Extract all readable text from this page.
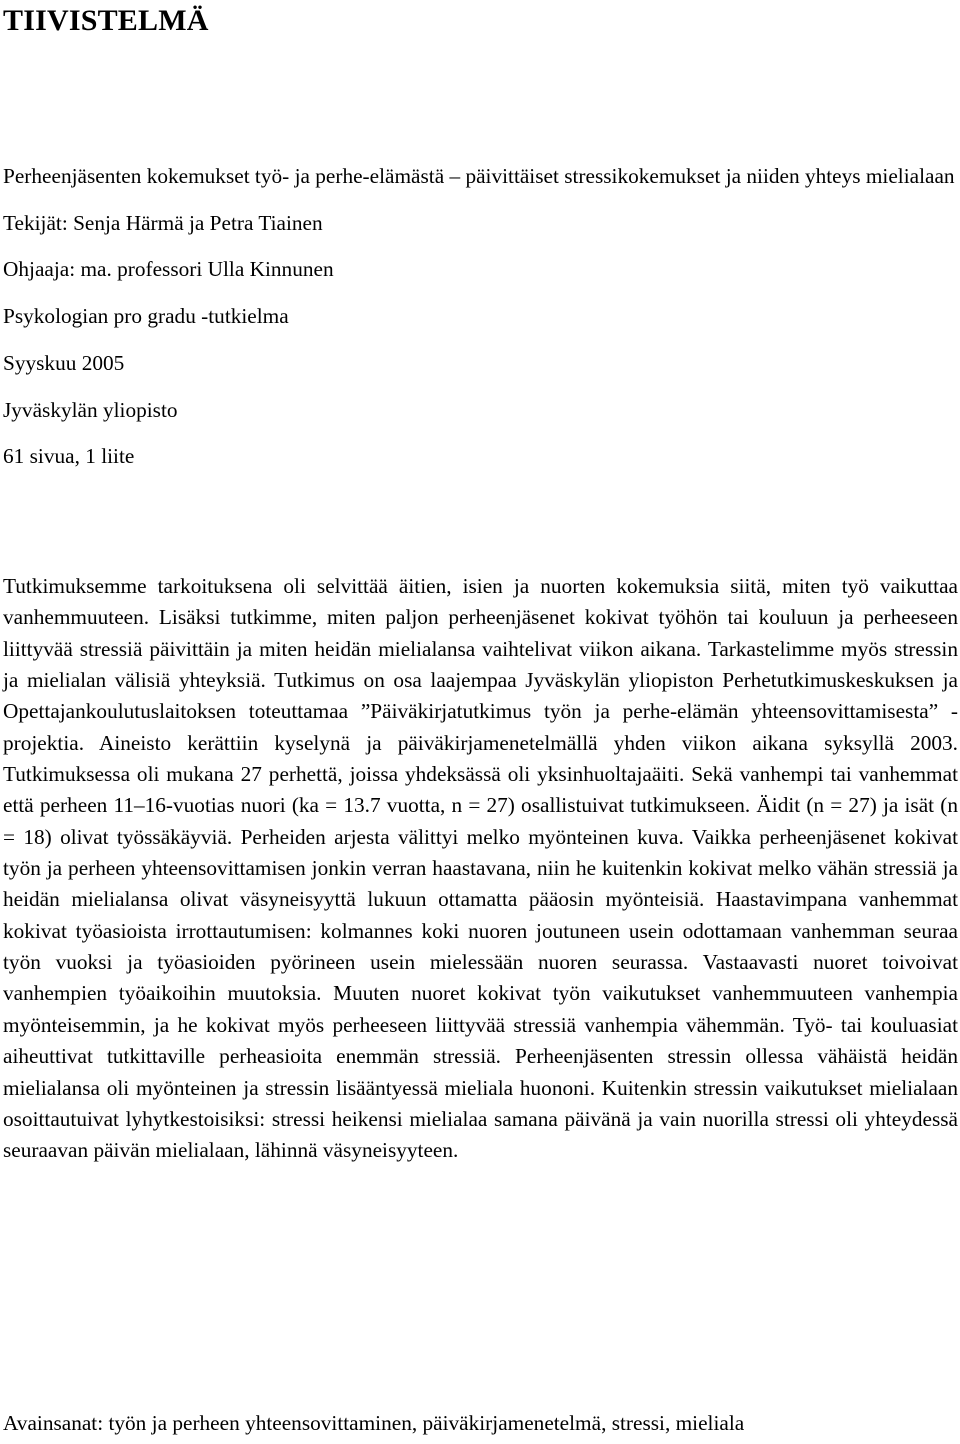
TIIVISTELMÄ
Perheenjäsenten kokemukset työ- ja perhe-elämästä – päivittäiset stressikokemukset ja niiden yhteys mielialaan
Tekijät: Senja Härmä ja Petra Tiainen
Ohjaaja: ma. professori Ulla Kinnunen
Psykologian pro gradu -tutkielma
Syyskuu 2005
Jyväskylän yliopisto
61 sivua, 1 liite

Tutkimuksemme tarkoituksena oli selvittää äitien, isien ja nuorten kokemuksia siitä, miten työ vaikuttaa vanhemmuuteen. Lisäksi tutkimme, miten paljon perheenjäsenet kokivat työhön tai kouluun ja perheeseen liittyvää stressiä päivittäin ja miten heidän mielialansa vaihtelivat viikon aikana. Tarkastelimme myös stressin ja mielialan välisiä yhteyksiä. Tutkimus on osa laajempaa Jyväskylän yliopiston Perhetutkimuskeskuksen ja Opettajankoulutuslaitoksen toteuttamaa ”Päiväkirjatutkimus työn ja perhe-elämän yhteensovittamisesta” -projektia. Aineisto kerättiin kyselynä ja päiväkirjamenetelmällä yhden viikon aikana syksyllä 2003. Tutkimuksessa oli mukana 27 perhettä, joissa yhdeksässä oli yksinhuoltajaäiti. Sekä vanhempi tai vanhemmat että perheen 11–16-vuotias nuori (ka = 13.7 vuotta, n = 27) osallistuivat tutkimukseen. Äidit (n = 27) ja isät (n = 18) olivat työssäkäyviä. Perheiden arjesta välittyi melko myönteinen kuva. Vaikka perheenjäsenet kokivat työn ja perheen yhteensovittamisen jonkin verran haastavana, niin he kuitenkin kokivat melko vähän stressiä ja heidän mielialansa olivat väsyneisyyttä lukuun ottamatta pääosin myönteisiä. Haastavimpana vanhemmat kokivat työasioista irrottautumisen: kolmannes koki nuoren joutuneen usein odottamaan vanhemman seuraa työn vuoksi ja työasioiden pyörineen usein mielessään nuoren seurassa. Vastaavasti nuoret toivoivat vanhempien työaikoihin muutoksia. Muuten nuoret kokivat työn vaikutukset vanhemmuuteen vanhempia myönteisemmin, ja he kokivat myös perheeseen liittyvää stressiä vanhempia vähemmän. Työ- tai kouluasiat aiheuttivat tutkittaville perheasioita enemmän stressiä. Perheenjäsenten stressin ollessa vähäistä heidän mielialansa oli myönteinen ja stressin lisääntyessä mieliala huononi. Kuitenkin stressin vaikutukset mielialaan osoittautuivat lyhytkestoisiksi: stressi heikensi mielialaa samana päivänä ja vain nuorilla stressi oli yhteydessä seuraavan päivän mielialaan, lähinnä väsyneisyyteen.

Avainsanat: työn ja perheen yhteensovittaminen, päiväkirjamenetelmä, stressi, mieliala
